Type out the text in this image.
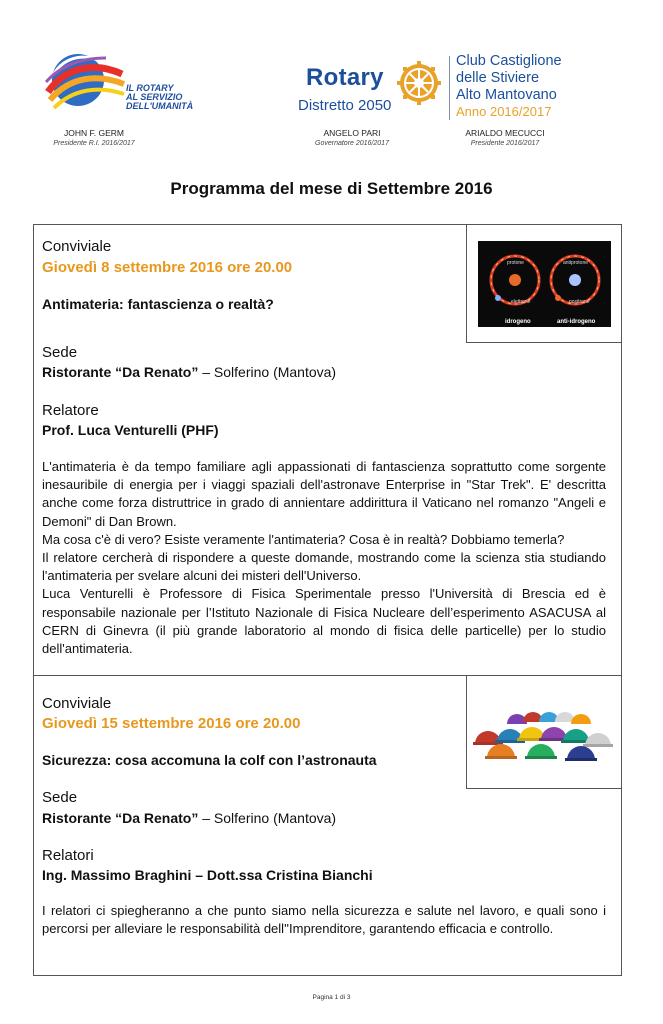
IL ROTARY
AL SERVIZIO
DELL'UMANITÀ
Rotary
Distretto 2050
Club Castiglione
delle Stiviere
Alto Mantovano
Anno 2016/2017
JOHN F. GERM
Presidente R.I. 2016/2017
ANGELO PARI
Governatore 2016/2017
ARIALDO MECUCCI
Presidente 2016/2017
Programma del mese di Settembre 2016
protone
elettrone
idrogeno
antiprotone
positrone
anti-idrogeno
Conviviale
Giovedì 8 settembre 2016 ore 20.00
Antimateria: fantascienza o realtà?
Sede
Ristorante “Da Renato” – Solferino (Mantova)
Relatore
Prof. Luca Venturelli (PHF)

L'antimateria è da tempo familiare agli appassionati di fantascienza soprattutto come sorgente inesauribile di energia per i viaggi spaziali dell'astronave Enterprise in "Star Trek". E' descritta anche come forza distruttrice in grado di annientare addirittura il Vaticano nel romanzo "Angeli e Demoni" di Dan Brown.

Ma cosa c'è di vero? Esiste veramente l'antimateria? Cosa è in realtà? Dobbiamo temerla?

Il relatore cercherà di rispondere a queste domande, mostrando come la scienza stia studiando l'antimateria per svelare alcuni dei misteri dell'Universo.

Luca Venturelli è Professore di Fisica Sperimentale presso l'Università di Brescia ed è responsabile nazionale per l’Istituto Nazionale di Fisica Nucleare dell’esperimento ASACUSA al CERN di Ginevra (il più grande laboratorio al mondo di fisica delle particelle) per lo studio dell'antimateria.

Conviviale
Giovedì 15 settembre 2016 ore 20.00
Sicurezza: cosa accomuna la colf con l’astronauta
Sede
Ristorante “Da Renato” – Solferino (Mantova)
Relatori
Ing. Massimo Braghini – Dott.ssa Cristina Bianchi

I relatori ci spiegheranno a che punto siamo nella sicurezza e salute nel lavoro, e quali sono i percorsi per alleviare le responsabilità dell''Imprenditore, garantendo efficacia e controllo.

Pagina 1 di 3
